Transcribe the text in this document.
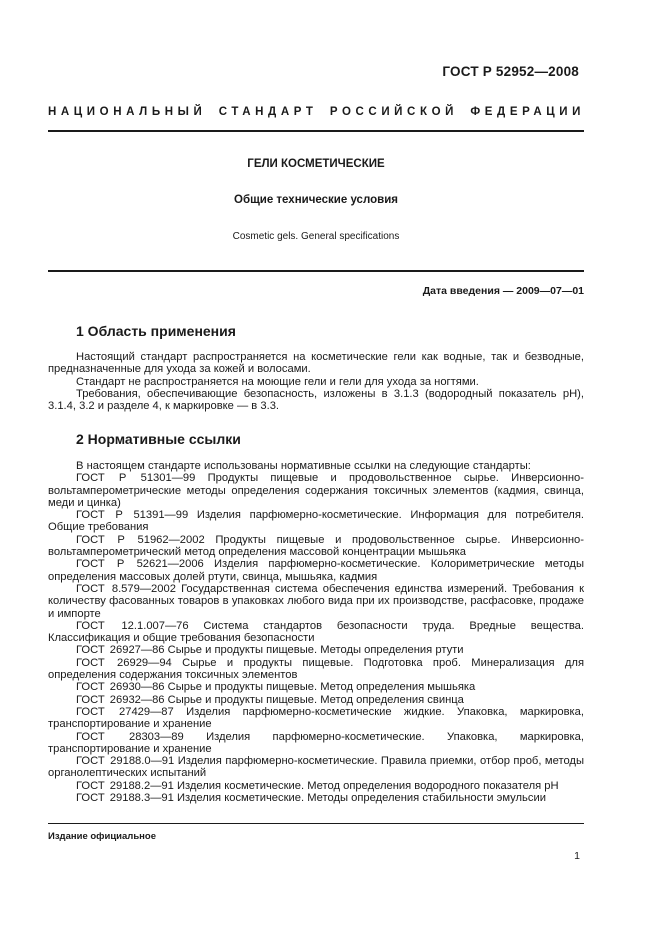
ГОСТ Р 52952—2008
НАЦИОНАЛЬНЫЙ СТАНДАРТ РОССИЙСКОЙ ФЕДЕРАЦИИ
ГЕЛИ КОСМЕТИЧЕСКИЕ
Общие технические условия
Cosmetic gels. General specifications
Дата введения — 2009—07—01
1 Область применения

Настоящий стандарт распространяется на косметические гели как водные, так и безводные, предназначенные для ухода за кожей и волосами.

Стандарт не распространяется на моющие гели и гели для ухода за ногтями.

Требования, обеспечивающие безопасность, изложены в 3.1.3 (водородный показатель рН), 3.1.4, 3.2 и разделе 4, к маркировке — в 3.3.

2 Нормативные ссылки

В настоящем стандарте использованы нормативные ссылки на следующие стандарты:

ГОСТ Р 51301—99 Продукты пищевые и продовольственное сырье. Инверсионно-вольтамперометрические методы определения содержания токсичных элементов (кадмия, свинца, меди и цинка)

ГОСТ Р 51391—99 Изделия парфюмерно-косметические. Информация для потребителя. Общие требования

ГОСТ Р 51962—2002 Продукты пищевые и продовольственное сырье. Инверсионно-вольтамперометрический метод определения массовой концентрации мышьяка

ГОСТ Р 52621—2006 Изделия парфюмерно-косметические. Колориметрические методы определения массовых долей ртути, свинца, мышьяка, кадмия

ГОСТ 8.579—2002 Государственная система обеспечения единства измерений. Требования к количеству фасованных товаров в упаковках любого вида при их производстве, расфасовке, продаже и импорте

ГОСТ 12.1.007—76 Система стандартов безопасности труда. Вредные вещества. Классификация и общие требования безопасности

ГОСТ 26927—86 Сырье и продукты пищевые. Методы определения ртути

ГОСТ 26929—94 Сырье и продукты пищевые. Подготовка проб. Минерализация для определения содержания токсичных элементов

ГОСТ 26930—86 Сырье и продукты пищевые. Метод определения мышьяка

ГОСТ 26932—86 Сырье и продукты пищевые. Метод определения свинца

ГОСТ 27429—87 Изделия парфюмерно-косметические жидкие. Упаковка, маркировка, транспортирование и хранение

ГОСТ 28303—89 Изделия парфюмерно-косметические. Упаковка, маркировка, транспортирование и хранение

ГОСТ 29188.0—91 Изделия парфюмерно-косметические. Правила приемки, отбор проб, методы органолептических испытаний

ГОСТ 29188.2—91 Изделия косметические. Метод определения водородного показателя рН

ГОСТ 29188.3—91 Изделия косметические. Методы определения стабильности эмульсии

Издание официальное
1
